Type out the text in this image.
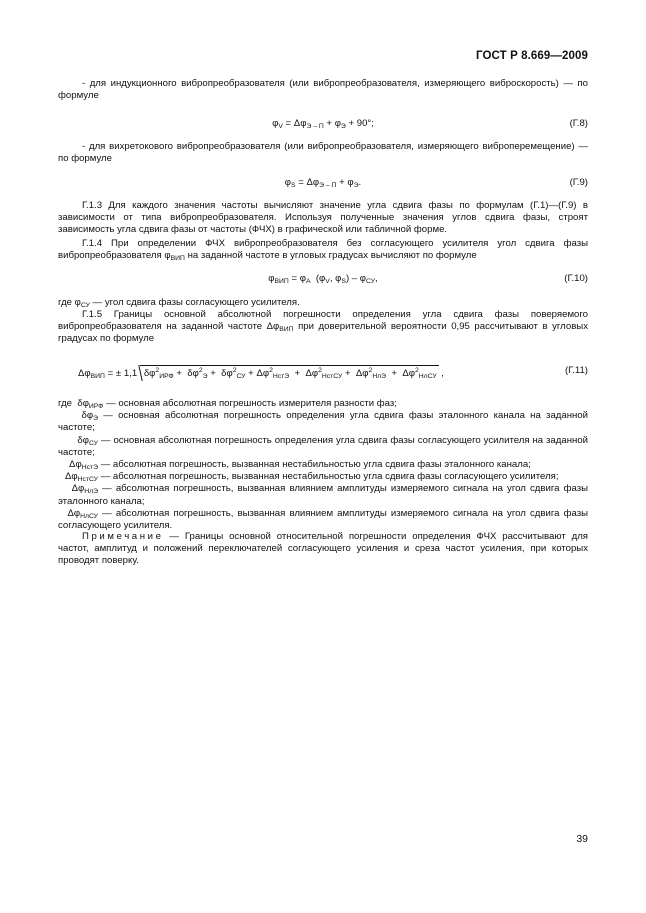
ГОСТ Р 8.669—2009
- для индукционного вибропреобразователя (или вибропреобразователя, измеряющего виброскорость) — по формуле
$\varphi_V = \Delta\varphi_{Э - П} + \varphi_Э + 90^\circ$;	(Г.8)
- для вихретокового вибропреобразователя (или вибропреобразователя, измеряющего виброперемещение) — по формуле
$\varphi_S = \Delta\varphi_{Э - П} + \varphi_Э$.	(Г.9)
Г.1.3 Для каждого значения частоты вычисляют значение угла сдвига фазы по формулам (Г.1)—(Г.9) в зависимости от типа вибропреобразователя. Используя полученные значения углов сдвига фазы, строят зависимость угла сдвига фазы от частоты (ФЧХ) в графической или табличной форме.
Г.1.4 При определении ФЧХ вибропреобразователя без согласующего усилителя угол сдвига фазы вибропреобразователя $\varphi_{ВИП}$ на заданной частоте в угловых градусах вычисляют по формуле
$\varphi_{ВИП} = \varphi_A$  ($\varphi_V$, $\varphi_S) - \varphi_{СУ}$,	(Г.10)
где $\varphi_{СУ}$ — угол сдвига фазы согласующего усилителя.
Г.1.5 Границы основной абсолютной погрешности определения угла сдвига фазы поверяемого вибропреобразователя на заданной частоте $\Delta\varphi_{ВИП}$ при доверительной вероятности 0,95 рассчитывают в угловых градусах по формуле
$\Delta\varphi_{ВИП}$ = ± 1,1 $\delta\varphi^2_{ИРФ} + \delta\varphi^2_Э + \delta\varphi^2_{СУ} + \Delta\varphi^2_{НстЭ} + \Delta\varphi^2_{НстСУ} + \Delta\varphi^2_{НлЭ} + \Delta\varphi^2_{НлСУ}$ ,	(Г.11)

где $\delta\varphi_{ИРФ}$ — основная абсолютная погрешность измерителя разности фаз;

$\delta\varphi_Э$ — основная абсолютная погрешность определения угла сдвига фазы эталонного канала на заданной частоте;

$\delta\varphi_{СУ}$ — основная абсолютная погрешность определения угла сдвига фазы согласующего усилителя на заданной частоте;

$\Delta\varphi_{НстЭ}$ — абсолютная погрешность, вызванная нестабильностью угла сдвига фазы эталонного канала;

$\Delta\varphi_{НстСУ}$ — абсолютная погрешность, вызванная нестабильностью угла сдвига фазы согласующего усилителя;

$\Delta\varphi_{НлЭ}$ — абсолютная погрешность, вызванная влиянием амплитуды измеряемого сигнала на угол сдвига фазы эталонного канала;

$\Delta\varphi_{НлСУ}$ — абсолютная погрешность, вызванная влиянием амплитуды измеряемого сигнала на угол сдвига фазы согласующего усилителя.

Примечание — Границы основной относительной погрешности определения ФЧХ рассчитывают для частот, амплитуд и положений переключателей согласующего усиления и среза частот усиления, при которых проводят поверку.
39
